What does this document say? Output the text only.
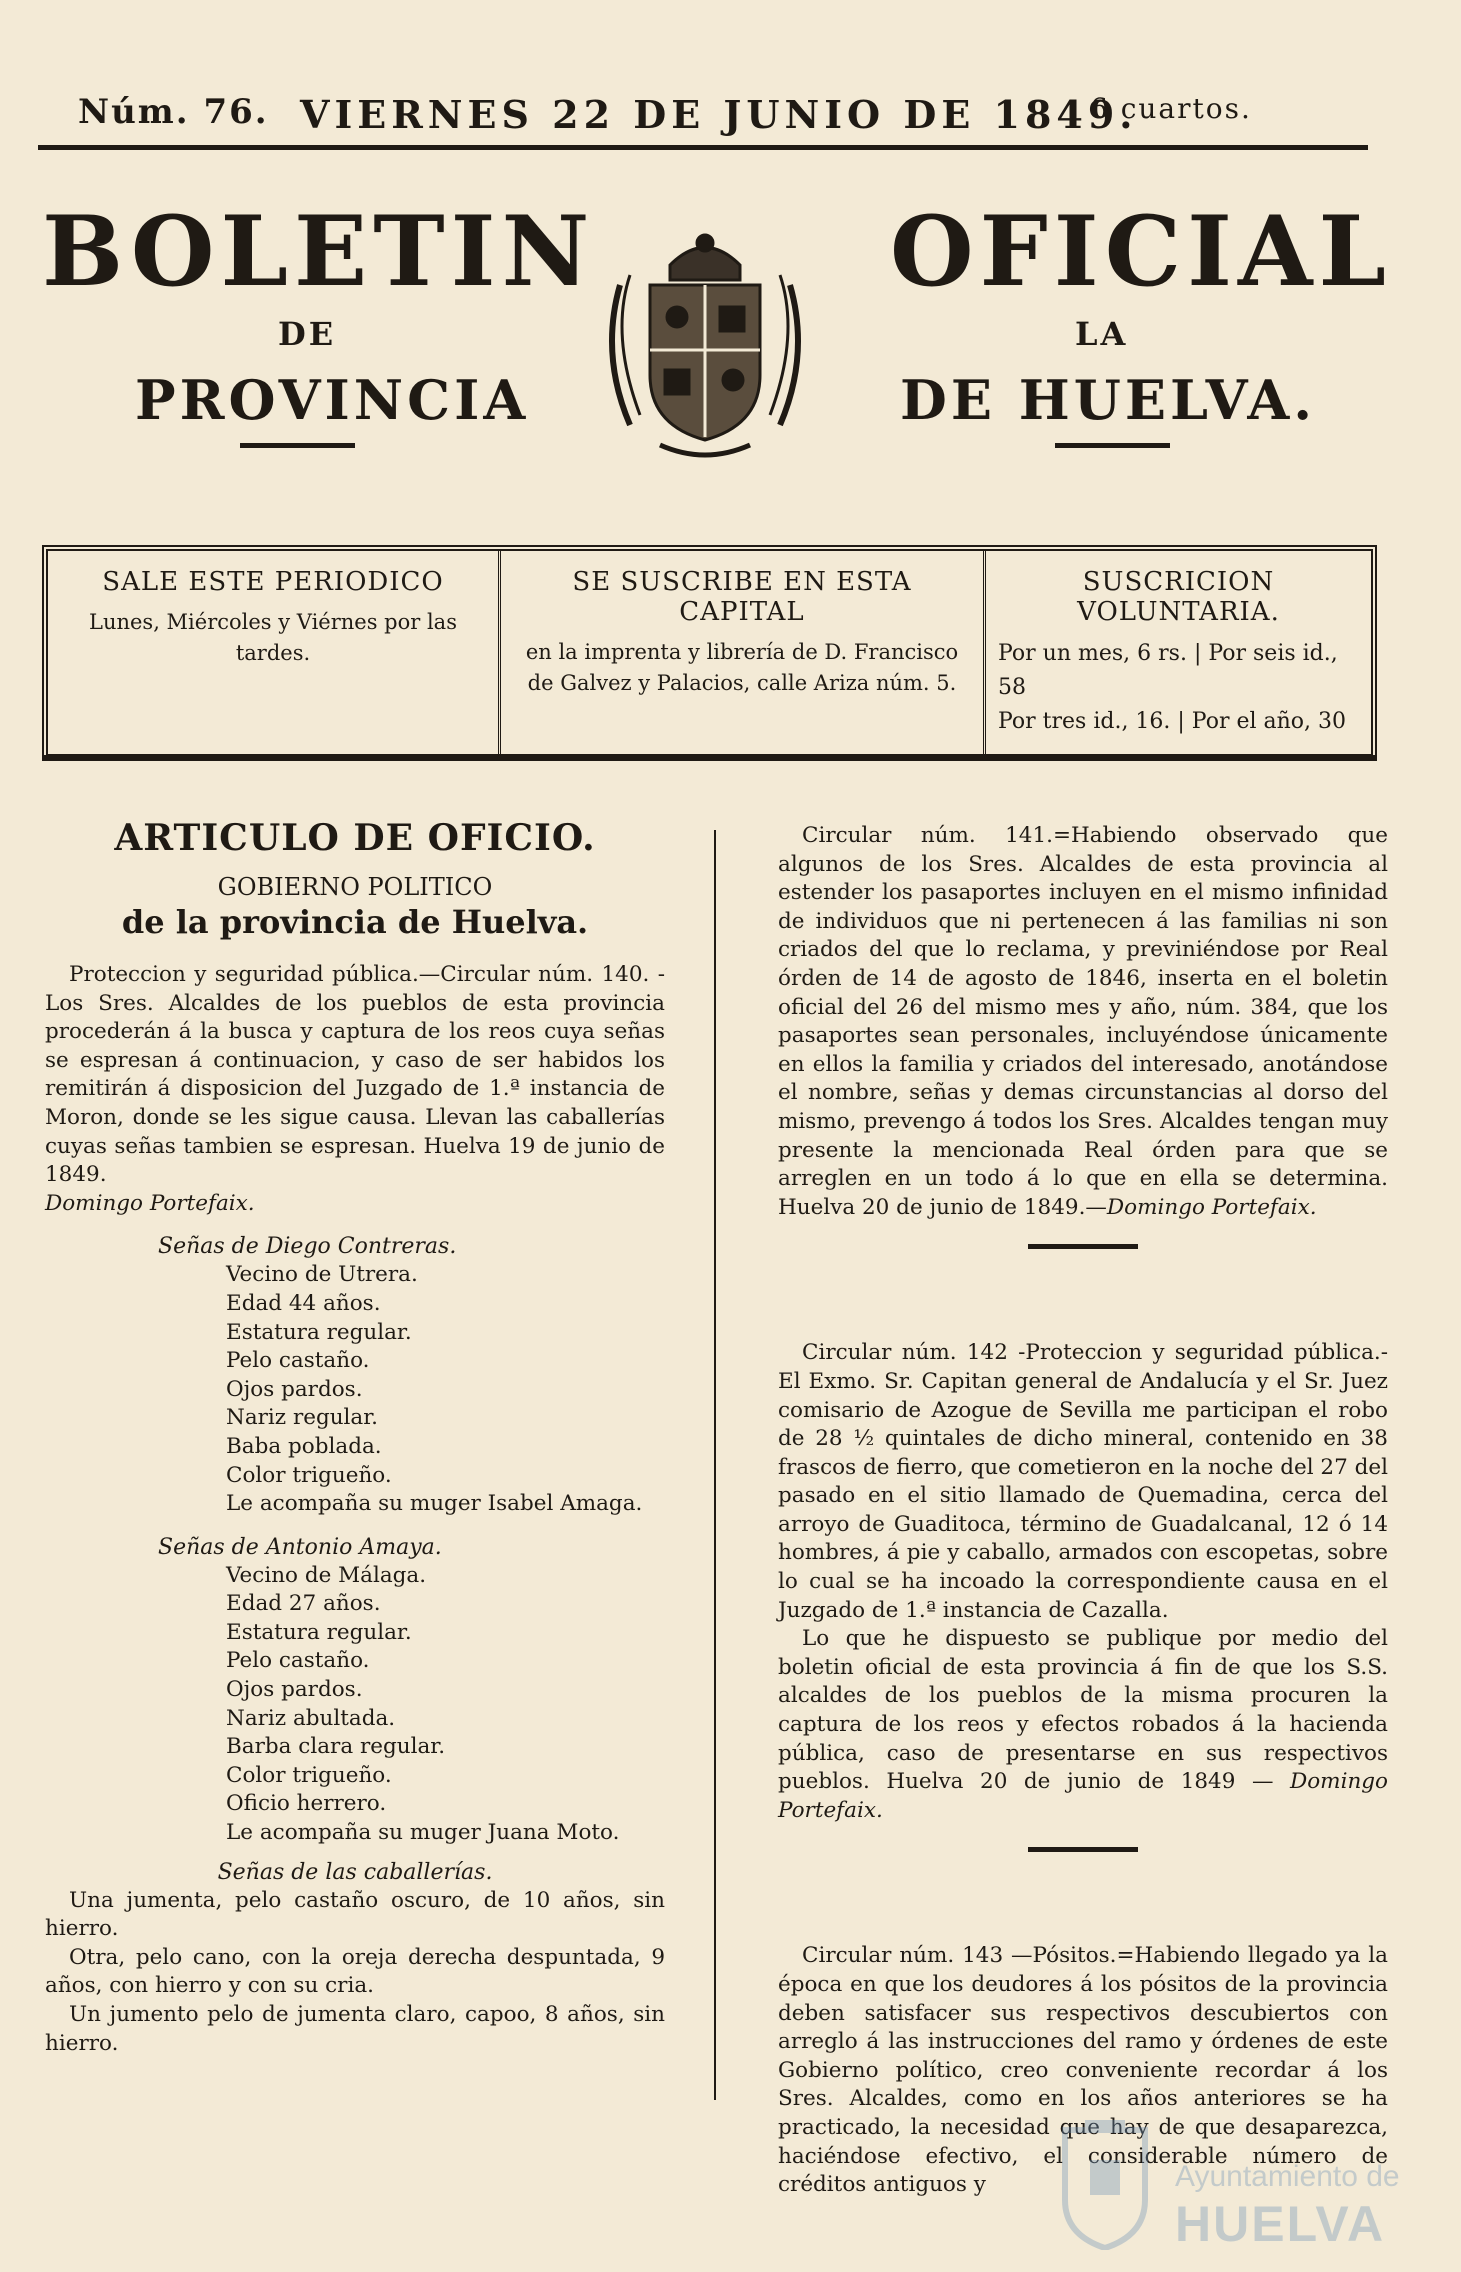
Núm. 76. VIERNES 22 DE JUNIO DE 1849.
6 cuartos.
BOLETIN	OFICIAL
DE	LA
PROVINCIA	DE HUELVA.
SALE ESTE PERIODICO
Lunes, Miércoles y Viérnes por las tardes.
SE SUSCRIBE EN ESTA CAPITAL
en la imprenta y librería de D. Francisco de Galvez y Palacios, calle Ariza núm. 5.
SUSCRICION VOLUNTARIA.
Por un mes, 6 rs. | Por seis id., 58
Por tres id., 16. | Por el año, 30
ARTICULO DE OFICIO.
GOBIERNO POLITICO
de la provincia de Huelva.

Proteccion y seguridad pública.—Circular núm. 140. -Los Sres. Alcaldes de los pueblos de esta provincia procederán á la busca y captura de los reos cuya señas se espresan á continuacion, y caso de ser habidos los remitirán á disposicion del Juzgado de 1.ª instancia de Moron, donde se les sigue causa. Llevan las caballerías cuyas señas tambien se espresan. Huelva 19 de junio de 1849.

Domingo Portefaix.

Señas de Diego Contreras.
Vecino de Utrera.
Edad 44 años.
Estatura regular.
Pelo castaño.
Ojos pardos.
Nariz regular.
Baba poblada.
Color trigueño.
Le acompaña su muger Isabel Amaga.
Señas de Antonio Amaya.
Vecino de Málaga.
Edad 27 años.
Estatura regular.
Pelo castaño.
Ojos pardos.
Nariz abultada.
Barba clara regular.
Color trigueño.
Oficio herrero.
Le acompaña su muger Juana Moto.
Señas de las caballerías.

Una jumenta, pelo castaño oscuro, de 10 años, sin hierro.

Otra, pelo cano, con la oreja derecha despuntada, 9 años, con hierro y con su cria.

Un jumento pelo de jumenta claro, capoo, 8 años, sin hierro.

Circular núm. 141.=Habiendo observado que algunos de los Sres. Alcaldes de esta provincia al estender los pasaportes incluyen en el mismo infinidad de individuos que ni pertenecen á las familias ni son criados del que lo reclama, y previniéndose por Real órden de 14 de agosto de 1846, inserta en el boletin oficial del 26 del mismo mes y año, núm. 384, que los pasaportes sean personales, incluyéndose únicamente en ellos la familia y criados del interesado, anotándose el nombre, señas y demas circunstancias al dorso del mismo, prevengo á todos los Sres. Alcaldes tengan muy presente la mencionada Real órden para que se arreglen en un todo á lo que en ella se determina. Huelva 20 de junio de 1849.—Domingo Portefaix.

Circular núm. 142 -Proteccion y seguridad pública.- El Exmo. Sr. Capitan general de Andalucía y el Sr. Juez comisario de Azogue de Sevilla me participan el robo de 28 ½ quintales de dicho mineral, contenido en 38 frascos de fierro, que cometieron en la noche del 27 del pasado en el sitio llamado de Quemadina, cerca del arroyo de Guaditoca, término de Guadalcanal, 12 ó 14 hombres, á pie y caballo, armados con escopetas, sobre lo cual se ha incoado la correspondiente causa en el Juzgado de 1.ª instancia de Cazalla.

Lo que he dispuesto se publique por medio del boletin oficial de esta provincia á fin de que los S.S. alcaldes de los pueblos de la misma procuren la captura de los reos y efectos robados á la hacienda pública, caso de presentarse en sus respectivos pueblos. Huelva 20 de junio de 1849 — Domingo Portefaix.

Circular núm. 143 —Pósitos.=Habiendo llegado ya la época en que los deudores á los pósitos de la provincia deben satisfacer sus respectivos descubiertos con arreglo á las instrucciones del ramo y órdenes de este Gobierno político, creo conveniente recordar á los Sres. Alcaldes, como en los años anteriores se ha practicado, la necesidad que hay de que desaparezca, haciéndose efectivo, el considerable número de créditos antiguos y	Ayuntamiento de
HUELVA
